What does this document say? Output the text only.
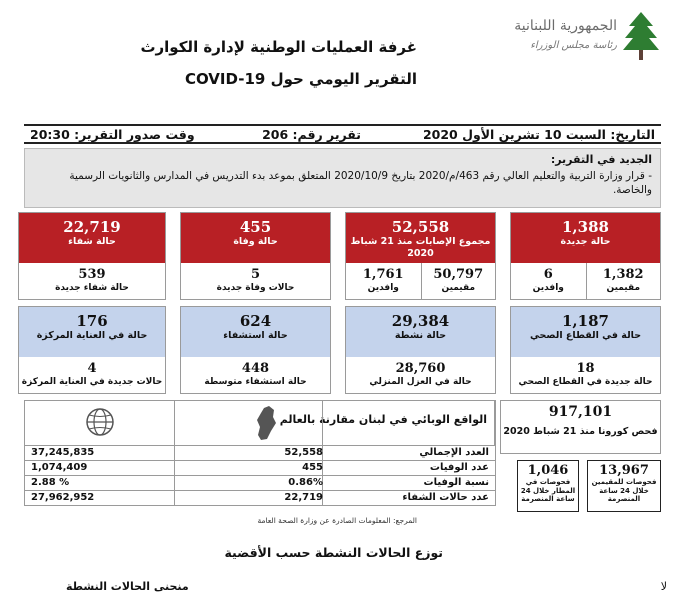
الجمهورية اللبنانية
رئاسة مجلس الوزراء
غرفة العمليات الوطنية لإدارة الكوارث
التقرير اليومي حول COVID-19
التاريخ: السبت 10 تشرين الأول 2020
تقرير رقم: 206
وقت صدور التقرير: 20:30
الجديد في التقرير:
- قرار وزارة التربية والتعليم العالي رقم 463/م/2020 بتاريخ 2020/10/9 المتعلق بموعد بدء التدريس في المدارس والثانويات الرسمية والخاصة.
1,388
حالة جديدة
1,382
مقيمين
6
وافدين
52,558
مجموع الإصابات منذ 21 شباط 2020
50,797
مقيمين
1,761
وافدين
455
حالة وفاة
5
حالات وفاة جديدة
22,719
حالة شفاء
539
حالة شفاء جديدة
1,187
حالة في القطاع الصحي
18
حالة جديدة في القطاع الصحي
29,384
حالة نشطة
28,760
حالة في العزل المنزلي
624
حالة استشفاء
448
حالة استشفاء متوسطة
176
حالة في العناية المركزة
4
حالات جديدة في العناية المركزة
الواقع الوبائي في لبنان مقارنة بالعالم
العدد الإجمالي
52,558
37,245,835
عدد الوفيات
455
1,074,409
نسبة الوفيات
0.86%
2.88 %
عدد حالات الشفاء
22,719
27,962,952
917,101
فحص كورونا منذ 21 شباط 2020
13,967
فحوصات للمقيمين خلال 24 ساعة المنصرمة
1,046
فحوصات في المطار خلال 24 ساعة المنصرمة
المرجع: المعلومات الصادرة عن وزارة الصحة العامة
توزع الحالات النشطة حسب الأقضية
منحنى الحالات النشطة	لا
